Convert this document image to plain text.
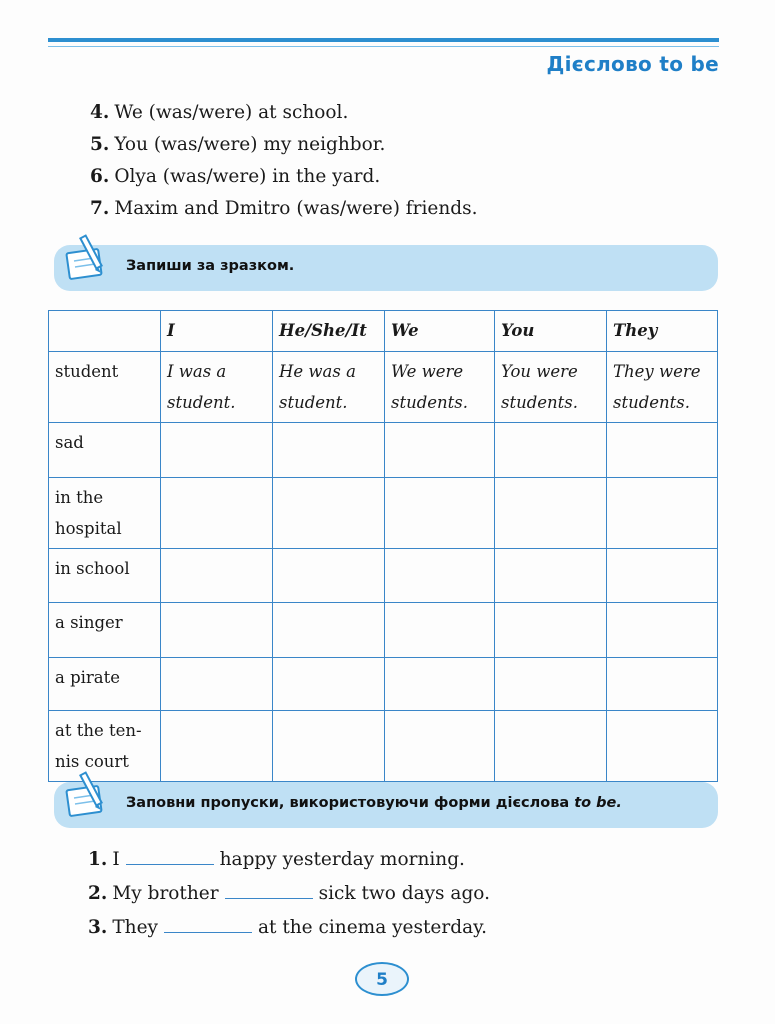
Дієслово to be
4. We (was/were) at school.
5. You (was/were) my neighbor.
6. Olya (was/were) in the yard.
7. Maxim and Dmitro (was/were) friends.
Запиши за зразком.
	I	He/She/It	We	You	They
student	I was a student.	He was a student.	We were students.	You were students.	They were students.
sad					
in the hospital					
in school					
a singer					
a pirate					
at the ten-nis court					
Заповни пропуски, використовуючи форми дієслова to be.
1. I	happy yesterday morning.
2. My brother	sick two days ago.
3. They	at the cinema yesterday.
5
